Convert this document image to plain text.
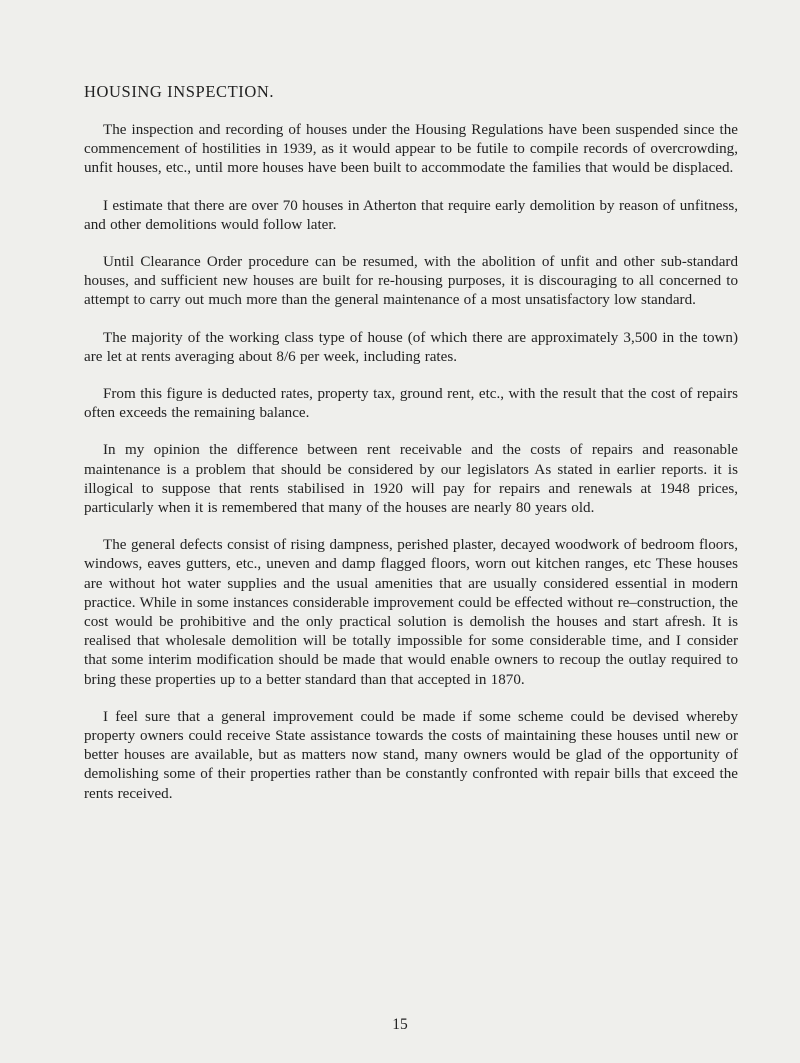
HOUSING INSPECTION.

The inspection and recording of houses under the Housing Regulations have been suspended since the commencement of hostilities in 1939, as it would appear to be futile to compile records of overcrowding, unfit houses, etc., until more houses have been built to accommodate the families that would be displaced.

I estimate that there are over 70 houses in Atherton that require early demolition by reason of unfitness, and other demolitions would follow later.

Until Clearance Order procedure can be resumed, with the abolition of unfit and other sub-standard houses, and sufficient new houses are built for re-housing purposes, it is discouraging to all concerned to attempt to carry out much more than the general maintenance of a most unsatisfactory low standard.

The majority of the working class type of house (of which there are approximately 3,500 in the town) are let at rents averaging about 8/6 per week, including rates.

From this figure is deducted rates, property tax, ground rent, etc., with the result that the cost of repairs often exceeds the remaining balance.

In my opinion the difference between rent receivable and the costs of repairs and reasonable maintenance is a problem that should be considered by our legislators As stated in earlier reports. it is illogical to suppose that rents stabilised in 1920 will pay for repairs and renewals at 1948 prices, particularly when it is remembered that many of the houses are nearly 80 years old.

The general defects consist of rising dampness, perished plaster, decayed woodwork of bedroom floors, windows, eaves gutters, etc., uneven and damp flagged floors, worn out kitchen ranges, etc These houses are without hot water supplies and the usual amenities that are usually considered essential in modern practice. While in some instances considerable improvement could be effected without re–construction, the cost would be prohibitive and the only practical solution is demolish the houses and start afresh. It is realised that wholesale demolition will be totally impossible for some considerable time, and I consider that some interim modification should be made that would enable owners to recoup the outlay required to bring these properties up to a better standard than that accepted in 1870.

I feel sure that a general improvement could be made if some scheme could be devised whereby property owners could receive State assistance towards the costs of maintaining these houses until new or better houses are available, but as matters now stand, many owners would be glad of the opportunity of demolishing some of their properties rather than be constantly confronted with repair bills that exceed the rents received.

15
